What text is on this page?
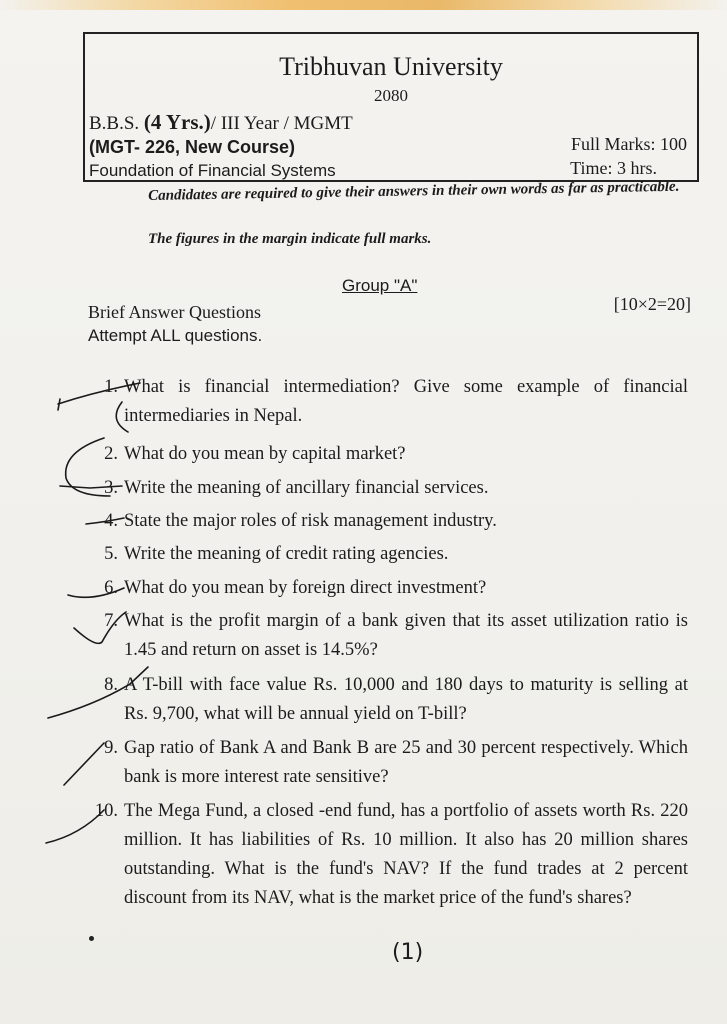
Tribhuvan University
2080
B.B.S. (4 Yrs.)/ III Year / MGMT
(MGT- 226, New Course)
Foundation of Financial Systems
Full Marks: 100
Time: 3 hrs.
Candidates are required to give their answers in their own words as far as practicable.
The figures in the margin indicate full marks.
Group "A"
Brief Answer Questions	[10×2=20]
Attempt ALL questions.
1. What is financial intermediation? Give some example of financial intermediaries in Nepal.
2. What do you mean by capital market?
3. Write the meaning of ancillary financial services.
4. State the major roles of risk management industry.
5. Write the meaning of credit rating agencies.
6. What do you mean by foreign direct investment?
7. What is the profit margin of a bank given that its asset utilization ratio is 1.45 and return on asset is 14.5%?
8. A T-bill with face value Rs. 10,000 and 180 days to maturity is selling at Rs. 9,700, what will be annual yield on T-bill?
9. Gap ratio of Bank A and Bank B are 25 and 30 percent respectively. Which bank is more interest rate sensitive?
10. The Mega Fund, a closed -end fund, has a portfolio of assets worth Rs. 220 million. It has liabilities of Rs. 10 million. It also has 20 million shares outstanding. What is the fund's NAV? If the fund trades at 2 percent discount from its NAV, what is the market price of the fund's shares?
(1)
